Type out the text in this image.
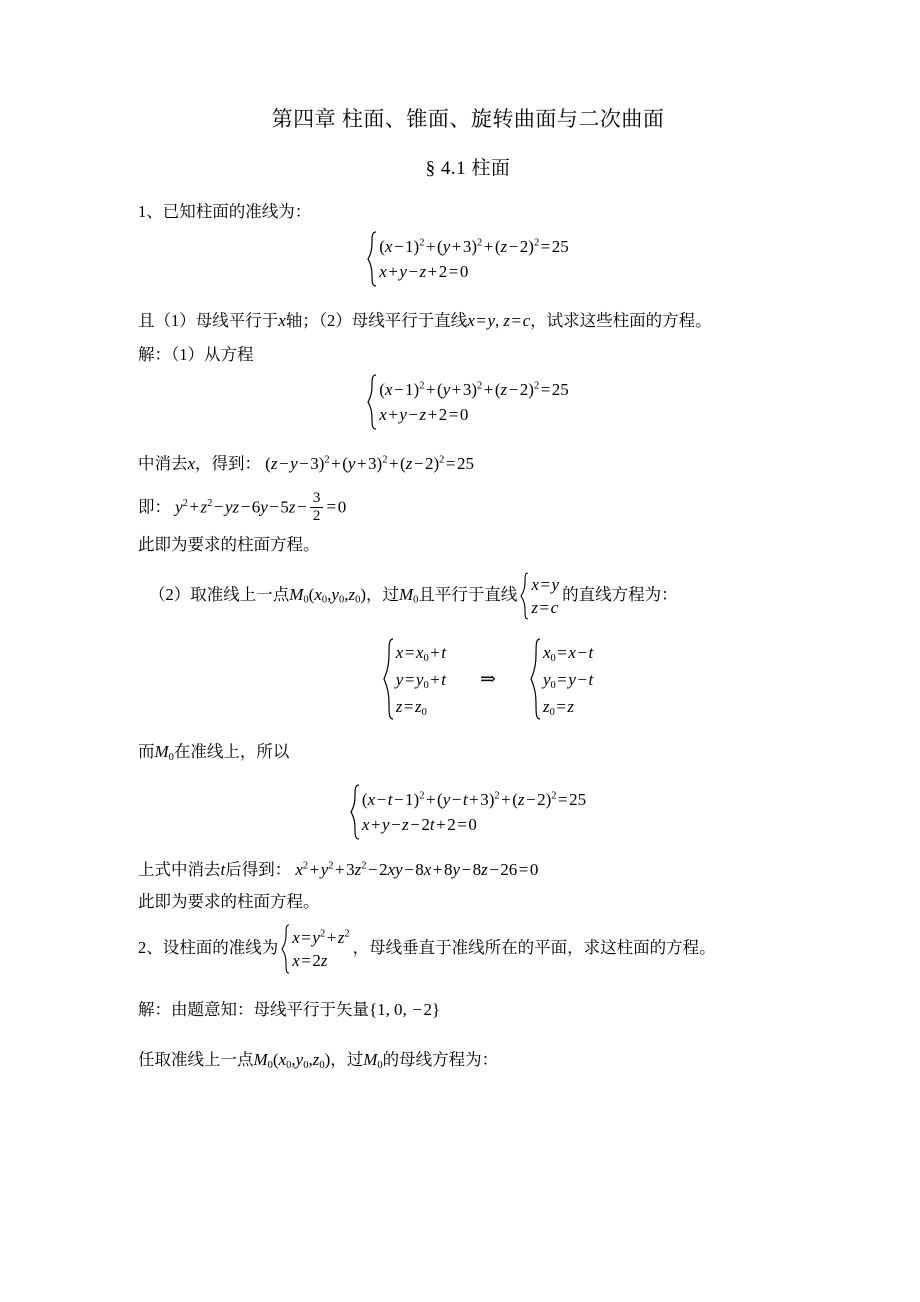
第四章 柱面、锥面、旋转曲面与二次曲面
§ 4.1 柱面
1、已知柱面的准线为：
$(x-1)^2+(y+3)^2+(z-2)^2=25$
x+y−z+2=0
且（1）母线平行于x轴；（2）母线平行于直线x=y, z=c，试求这些柱面的方程。
解：（1）从方程
$(x-1)^2+(y+3)^2+(z-2)^2=25$
x+y−z+2=0
中消去x，得到： $(z-y-3)^2+(y+3)^2+(z-2)^2=25$
即： $y^2+z^2-yz-6y-5z- \frac{3}{2} =0$
此即为要求的柱面方程。
（2）取准线上一点$M_0(x_0,y_0,z_0)$，过$M_0$且平行于直线
x=y
z=c
的直线方程为：
$x=x_0+t$
$y=y_0+t$
$z=z_0$
⇒
$x_0=x-t$
$y_0=y-t$
$z_0=z$
而$M_0$在准线上，所以
$(x-t-1)^2+(y-t+3)^2+(z-2)^2=25$
x+y−z−2t+2=0
上式中消去t后得到： $x^2+y^2+3z^2-2xy-8x+8y-8z-26=0$
此即为要求的柱面方程。
2、设柱面的准线为
$x=y^2+z^2$
x=2z
，母线垂直于准线所在的平面，求这柱面的方程。
解：由题意知：母线平行于矢量{1, 0, −2}
任取准线上一点$M_0(x_0,y_0,z_0)$，过$M_0$的母线方程为：
